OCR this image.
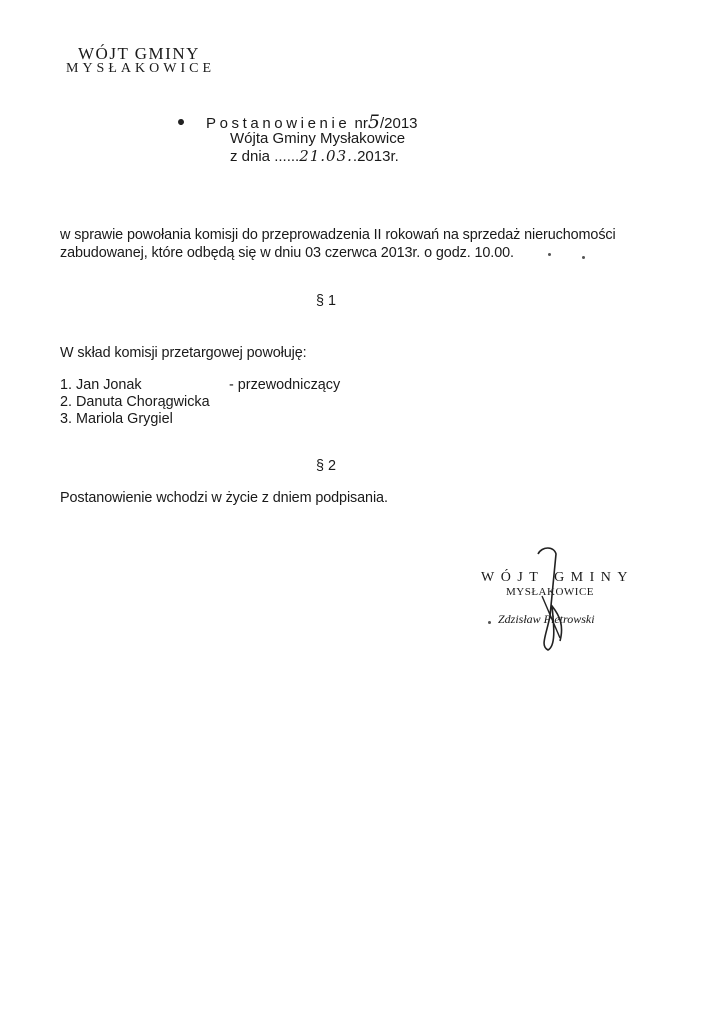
WÓJT GMINY
MYSŁAKOWICE
Postanowienie nr5/2013
Wójta Gminy Mysłakowice
z dnia ......21.03..2013r.
w sprawie powołania komisji do przeprowadzenia II rokowań na sprzedaż nieruchomości
zabudowanej, które odbędą się w dniu 03 czerwca 2013r. o godz. 10.00.
§ 1
W skład komisji przetargowej powołuję:
1. Jan Jonak	- przewodniczący
2. Danuta Chorągwicka
3. Mariola Grygiel
§ 2
Postanowienie wchodzi w życie z dniem podpisania.
WÓJT GMINY
MYSŁAKOWICE
Zdzisław Pietrowski
